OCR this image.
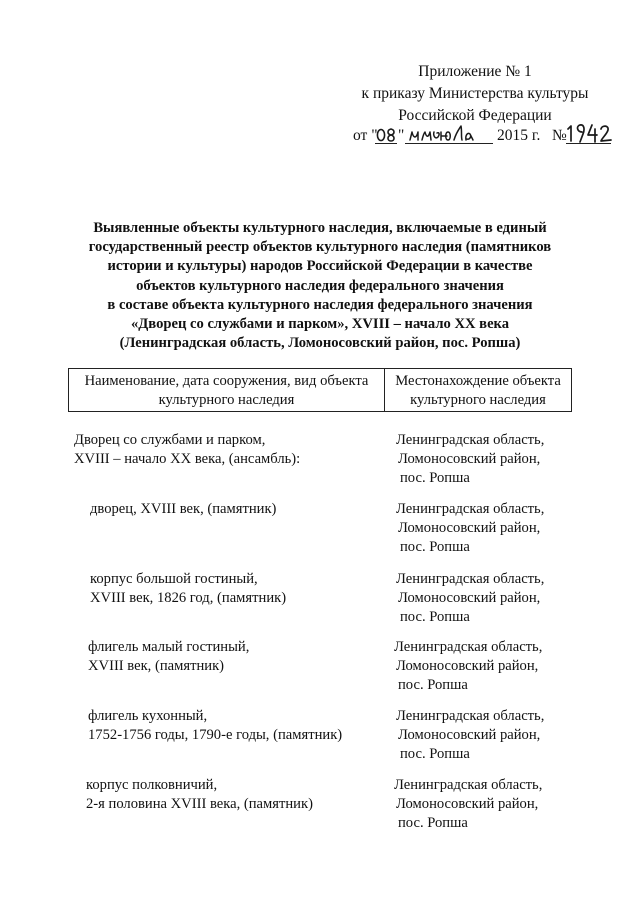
Приложение № 1
к приказу Министерства культуры
Российской Федерации
от " "	2015 г. №
Выявленные объекты культурного наследия, включаемые в единый
государственный реестр объектов культурного наследия (памятников
истории и культуры) народов Российской Федерации в качестве
объектов культурного наследия федерального значения
в составе объекта культурного наследия федерального значения
«Дворец со службами и парком», XVIII – начало XX века
(Ленинградская область, Ломоносовский район, пос. Ропша)
Наименование, дата сооружения, вид объекта
культурного наследия
Местонахождение объекта
культурного наследия
Дворец со службами и парком,
XVIII – начало XX века, (ансамбль):
Ленинградская область,
Ломоносовский район,
пос. Ропша
дворец, XVIII век, (памятник)	Ленинградская область,
Ломоносовский район,
пос. Ропша
корпус большой гостиный,
XVIII век, 1826 год, (памятник)
Ленинградская область,
Ломоносовский район,
пос. Ропша
флигель малый гостиный,
XVIII век, (памятник)
Ленинградская область,
Ломоносовский район,
пос. Ропша
флигель кухонный,
1752-1756 годы, 1790-е годы, (памятник)
Ленинградская область,
Ломоносовский район,
пос. Ропша
корпус полковничий,
2-я половина XVIII века, (памятник)
Ленинградская область,
Ломоносовский район,
пос. Ропша
